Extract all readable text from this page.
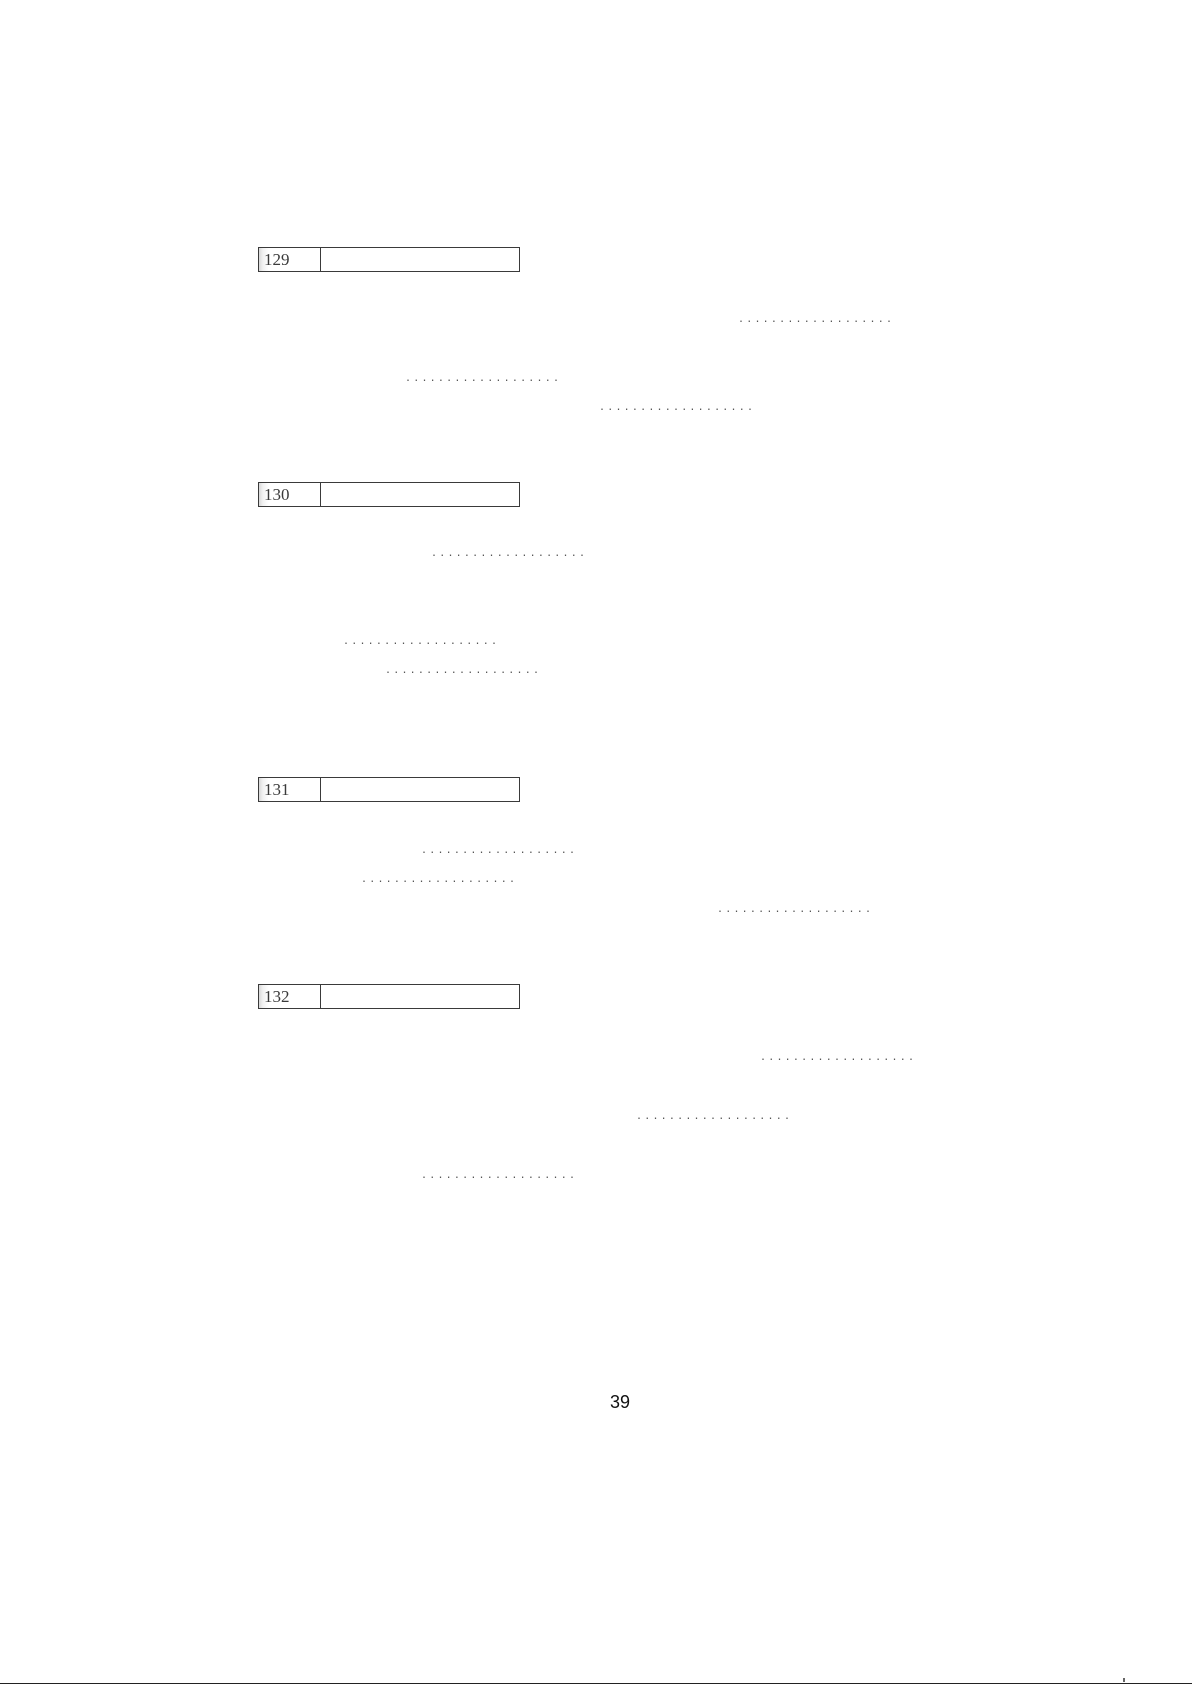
129
...................
...................
...................
130
...................
...................
...................
131
...................
...................
...................
132
...................
...................
...................
39
